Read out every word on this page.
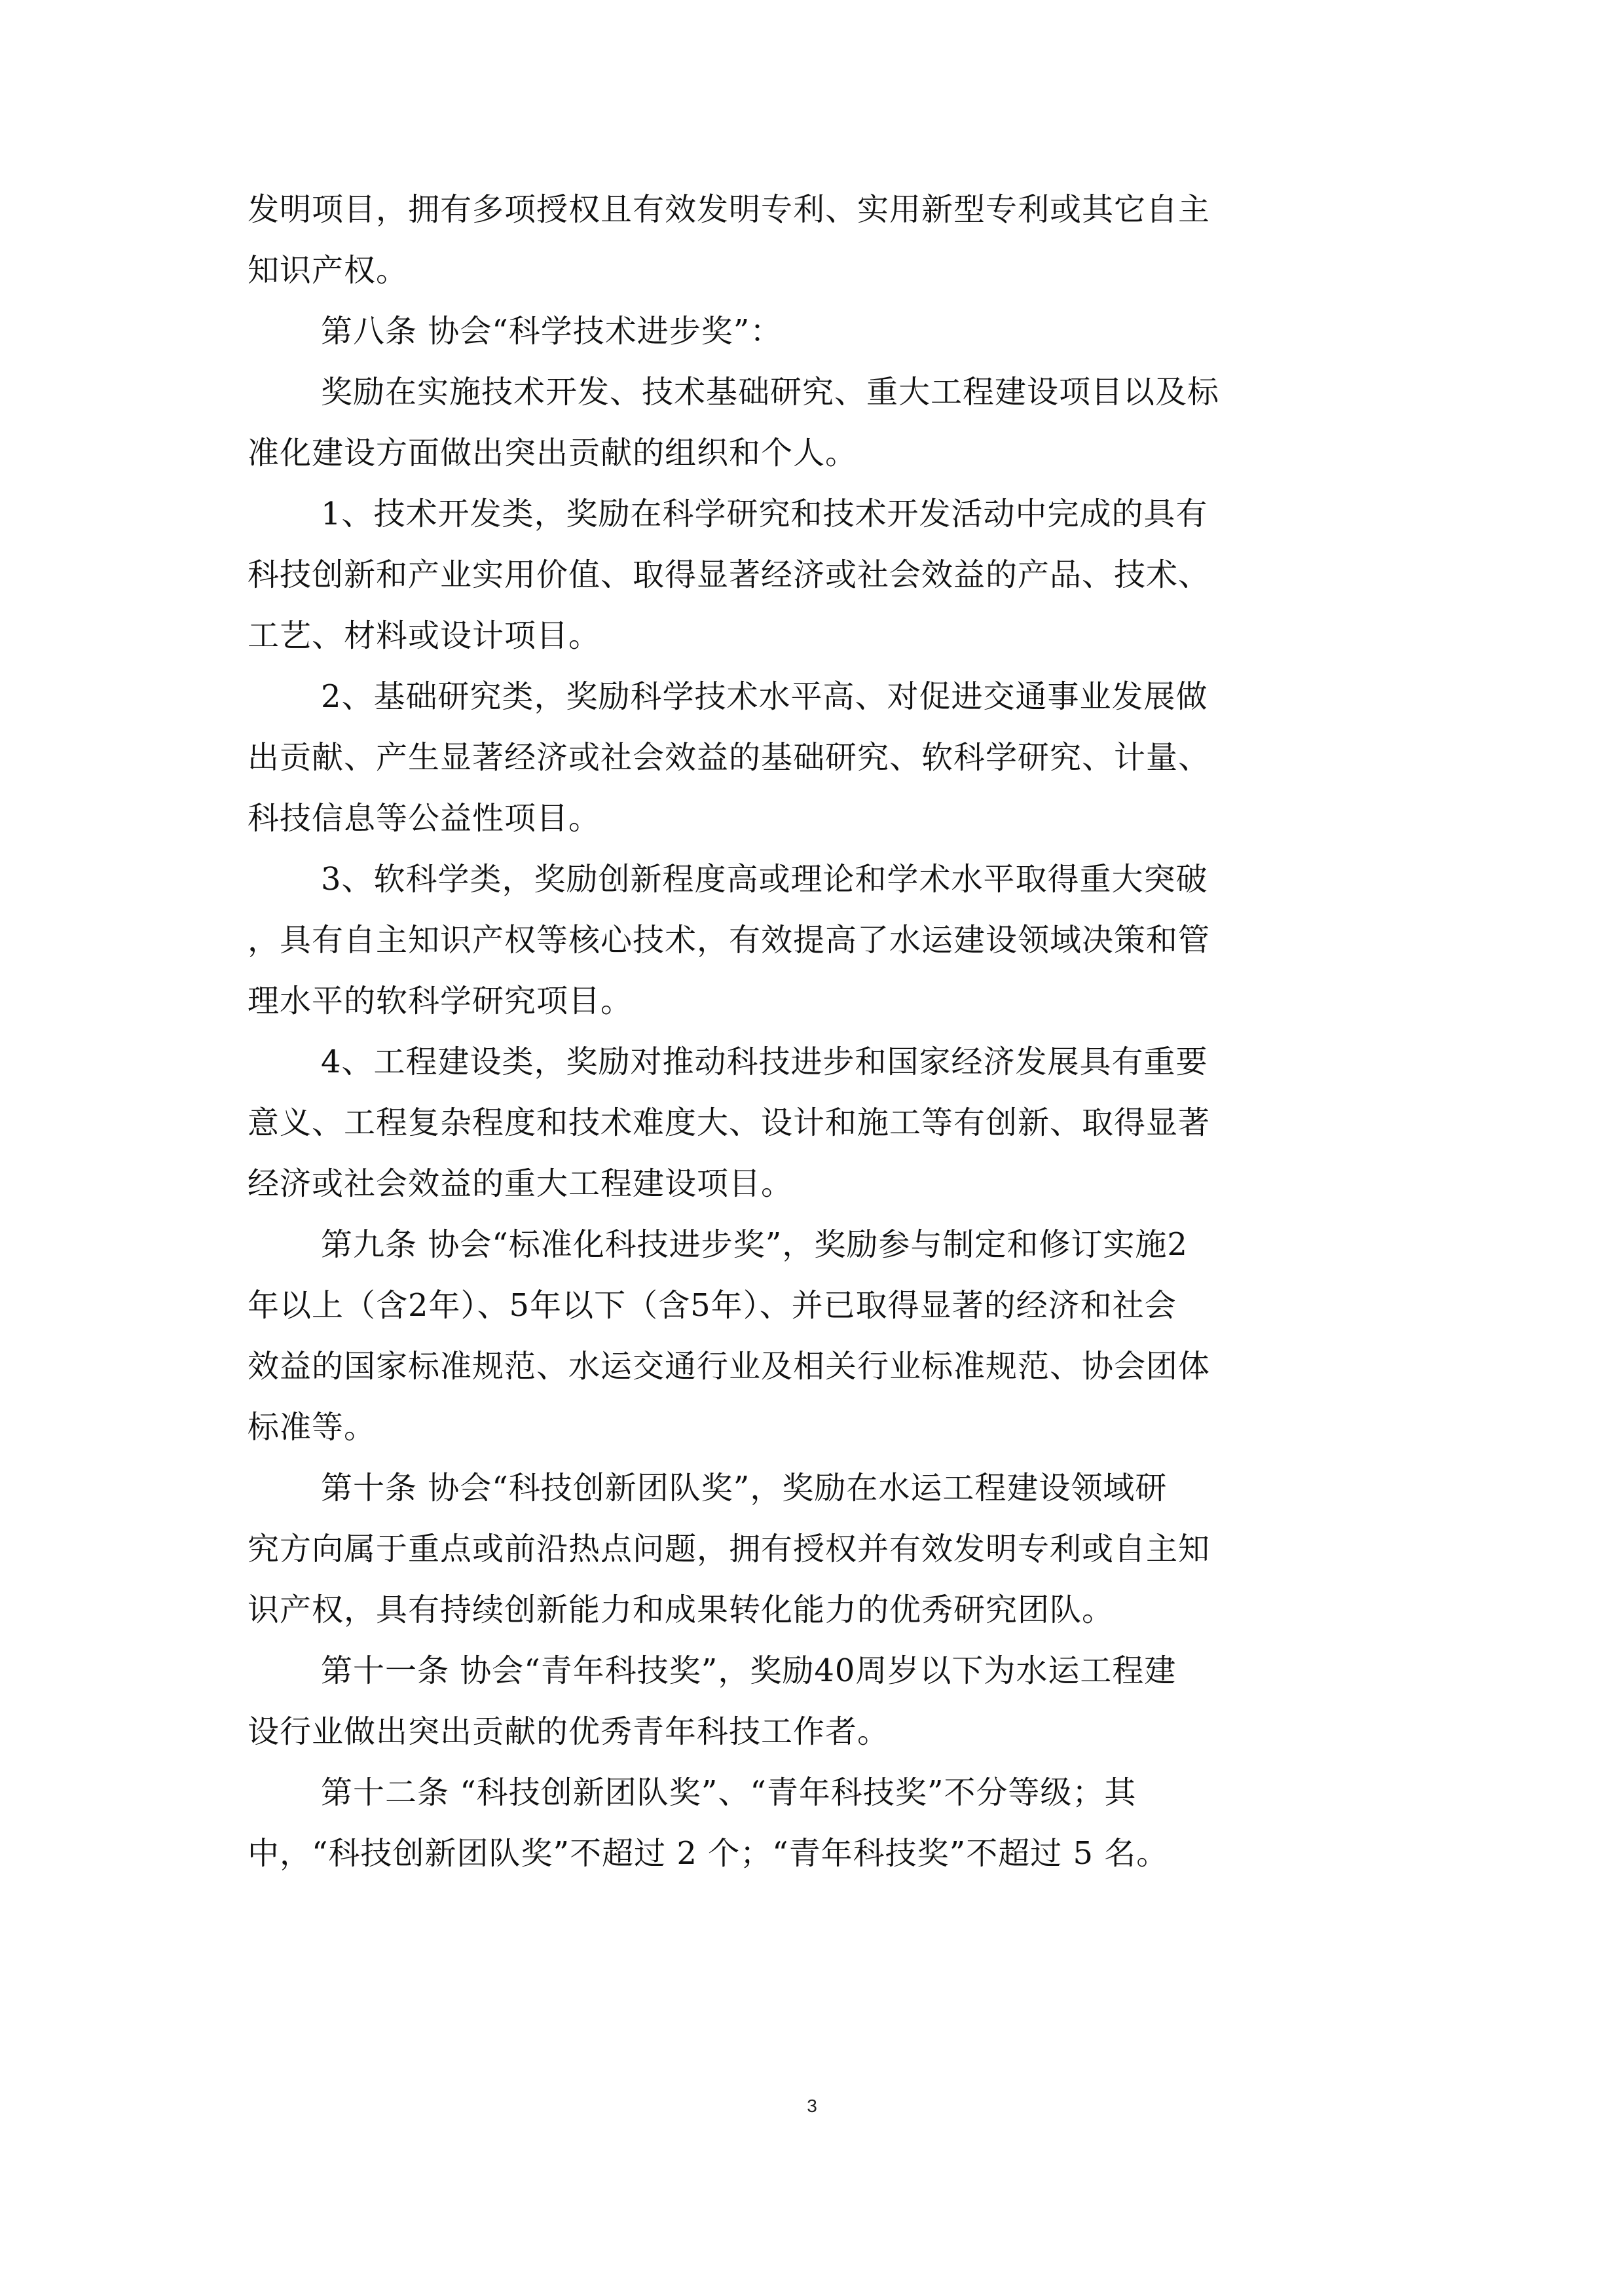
发明项目，拥有多项授权且有效发明专利、实用新型专利或其它自主
知识产权。
第八条 协会“科学技术进步奖”：
奖励在实施技术开发、技术基础研究、重大工程建设项目以及标
准化建设方面做出突出贡献的组织和个人。
1、技术开发类，奖励在科学研究和技术开发活动中完成的具有
科技创新和产业实用价值、取得显著经济或社会效益的产品、技术、
工艺、材料或设计项目。
2、基础研究类，奖励科学技术水平高、对促进交通事业发展做
出贡献、产生显著经济或社会效益的基础研究、软科学研究、计量、
科技信息等公益性项目。
3、软科学类，奖励创新程度高或理论和学术水平取得重大突破
，具有自主知识产权等核心技术，有效提高了水运建设领域决策和管
理水平的软科学研究项目。
4、工程建设类，奖励对推动科技进步和国家经济发展具有重要
意义、工程复杂程度和技术难度大、设计和施工等有创新、取得显著
经济或社会效益的重大工程建设项目。
第九条 协会“标准化科技进步奖”，奖励参与制定和修订实施2
年以上（含2年）、5年以下（含5年）、并已取得显著的经济和社会
效益的国家标准规范、水运交通行业及相关行业标准规范、协会团体
标准等。
第十条 协会“科技创新团队奖”，奖励在水运工程建设领域研
究方向属于重点或前沿热点问题，拥有授权并有效发明专利或自主知
识产权，具有持续创新能力和成果转化能力的优秀研究团队。
第十一条 协会“青年科技奖”，奖励40周岁以下为水运工程建
设行业做出突出贡献的优秀青年科技工作者。
第十二条 “科技创新团队奖”、“青年科技奖”不分等级；其
中，“科技创新团队奖”不超过 2 个；“青年科技奖”不超过 5 名。
3
